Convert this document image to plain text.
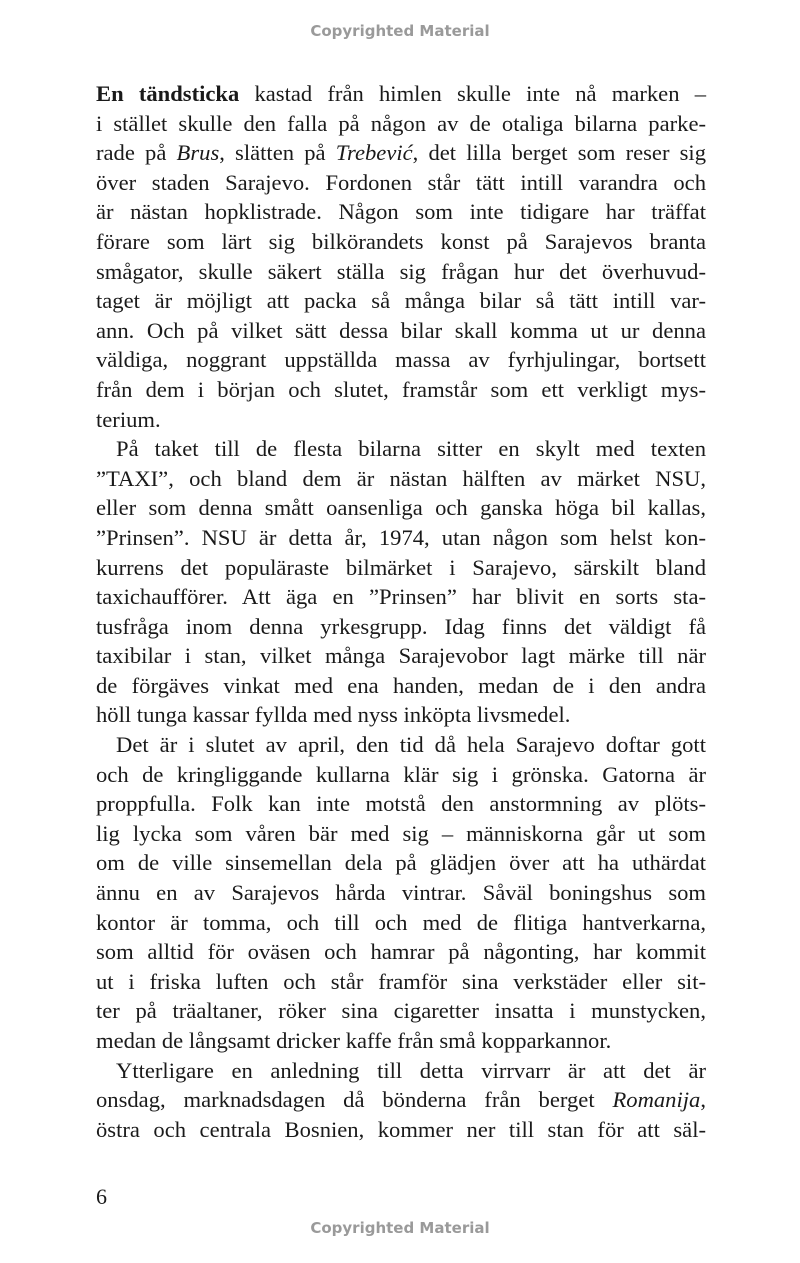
Copyrighted Material
En tändsticka kastad från himlen skulle inte nå marken –
i stället skulle den falla på någon av de otaliga bilarna parke-
rade på Brus, slätten på Trebević, det lilla berget som reser sig
över staden Sarajevo. Fordonen står tätt intill varandra och
är nästan hopklistrade. Någon som inte tidigare har träffat
förare som lärt sig bilkörandets konst på Sarajevos branta
smågator, skulle säkert ställa sig frågan hur det överhuvud-
taget är möjligt att packa så många bilar så tätt intill var-
ann. Och på vilket sätt dessa bilar skall komma ut ur denna
väldiga, noggrant uppställda massa av fyrhjulingar, bortsett
från dem i början och slutet, framstår som ett verkligt mys-
terium.
På taket till de flesta bilarna sitter en skylt med texten
”TAXI”, och bland dem är nästan hälften av märket NSU,
eller som denna smått oansenliga och ganska höga bil kallas,
”Prinsen”. NSU är detta år, 1974, utan någon som helst kon-
kurrens det populäraste bilmärket i Sarajevo, särskilt bland
taxichaufförer. Att äga en ”Prinsen” har blivit en sorts sta-
tusfråga inom denna yrkesgrupp. Idag finns det väldigt få
taxibilar i stan, vilket många Sarajevobor lagt märke till när
de förgäves vinkat med ena handen, medan de i den andra
höll tunga kassar fyllda med nyss inköpta livsmedel.
Det är i slutet av april, den tid då hela Sarajevo doftar gott
och de kringliggande kullarna klär sig i grönska. Gatorna är
proppfulla. Folk kan inte motstå den anstormning av plöts-
lig lycka som våren bär med sig – människorna går ut som
om de ville sinsemellan dela på glädjen över att ha uthärdat
ännu en av Sarajevos hårda vintrar. Såväl boningshus som
kontor är tomma, och till och med de flitiga hantverkarna,
som alltid för oväsen och hamrar på någonting, har kommit
ut i friska luften och står framför sina verkstäder eller sit-
ter på träaltaner, röker sina cigaretter insatta i munstycken,
medan de långsamt dricker kaffe från små kopparkannor.
Ytterligare en anledning till detta virrvarr är att det är
onsdag, marknadsdagen då bönderna från berget Romanija,
östra och centrala Bosnien, kommer ner till stan för att säl-
6
Copyrighted Material
